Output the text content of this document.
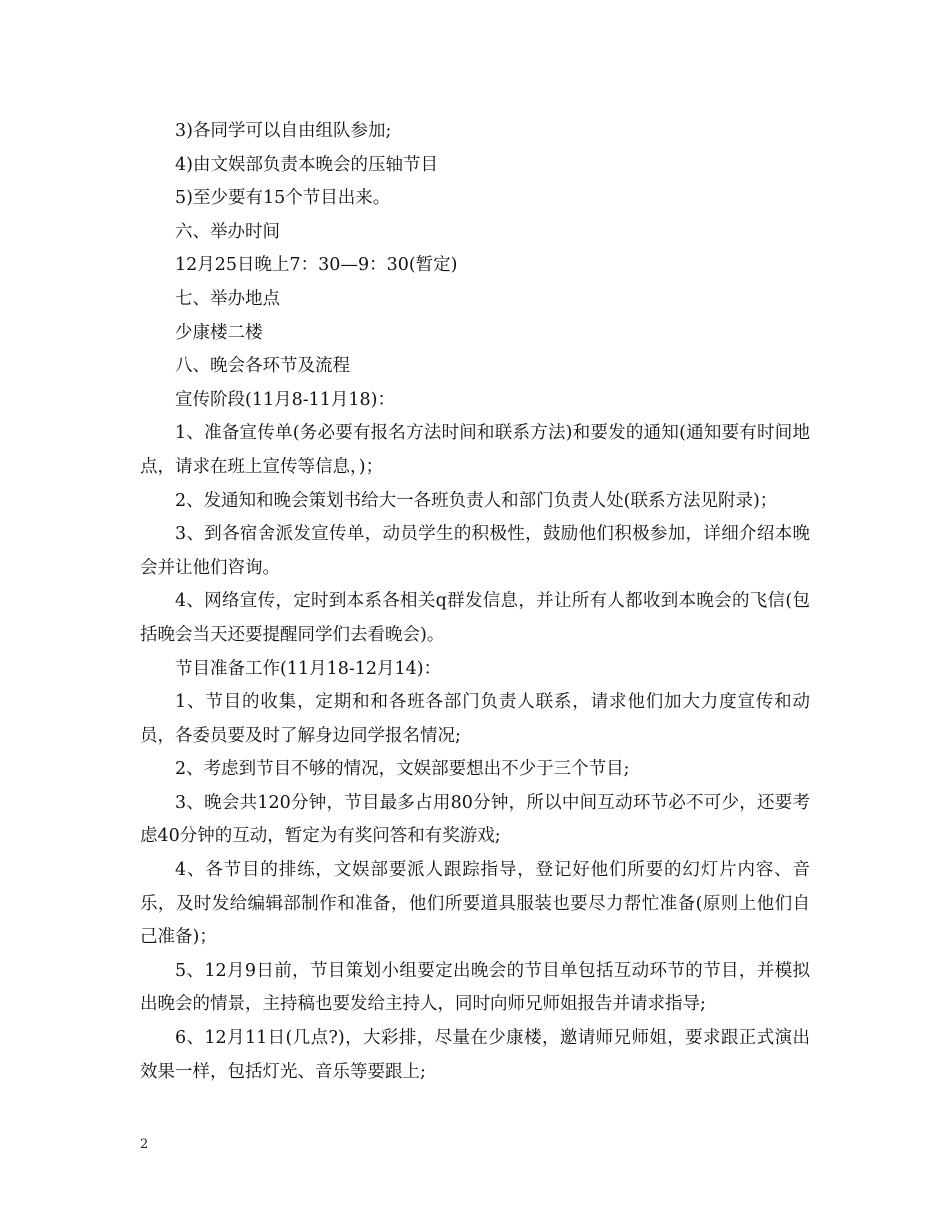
3)各同学可以自由组队参加;

4)由文娱部负责本晚会的压轴节目

5)至少要有15个节目出来。

六、举办时间

12月25日晚上7：30—9：30(暂定)

七、举办地点

少康楼二楼

八、晚会各环节及流程

宣传阶段(11月8-11月18)：

1、准备宣传单(务必要有报名方法时间和联系方法)和要发的通知(通知要有时间地点，请求在班上宣传等信息，)；

2、发通知和晚会策划书给大一各班负责人和部门负责人处(联系方法见附录)；

3、到各宿舍派发宣传单，动员学生的积极性，鼓励他们积极参加，详细介绍本晚会并让他们咨询。

4、网络宣传，定时到本系各相关q群发信息，并让所有人都收到本晚会的飞信(包括晚会当天还要提醒同学们去看晚会)。

节目准备工作(11月18-12月14)：

1、节目的收集，定期和和各班各部门负责人联系，请求他们加大力度宣传和动员，各委员要及时了解身边同学报名情况;

2、考虑到节目不够的情况，文娱部要想出不少于三个节目;

3、晚会共120分钟，节目最多占用80分钟，所以中间互动环节必不可少，还要考虑40分钟的互动，暂定为有奖问答和有奖游戏;

4、各节目的排练，文娱部要派人跟踪指导，登记好他们所要的幻灯片内容、音乐，及时发给编辑部制作和准备，他们所要道具服装也要尽力帮忙准备(原则上他们自己准备)；

5、12月9日前，节目策划小组要定出晚会的节目单包括互动环节的节目，并模拟出晚会的情景，主持稿也要发给主持人，同时向师兄师姐报告并请求指导;

6、12月11日(几点?)，大彩排，尽量在少康楼，邀请师兄师姐，要求跟正式演出效果一样，包括灯光、音乐等要跟上;

2
